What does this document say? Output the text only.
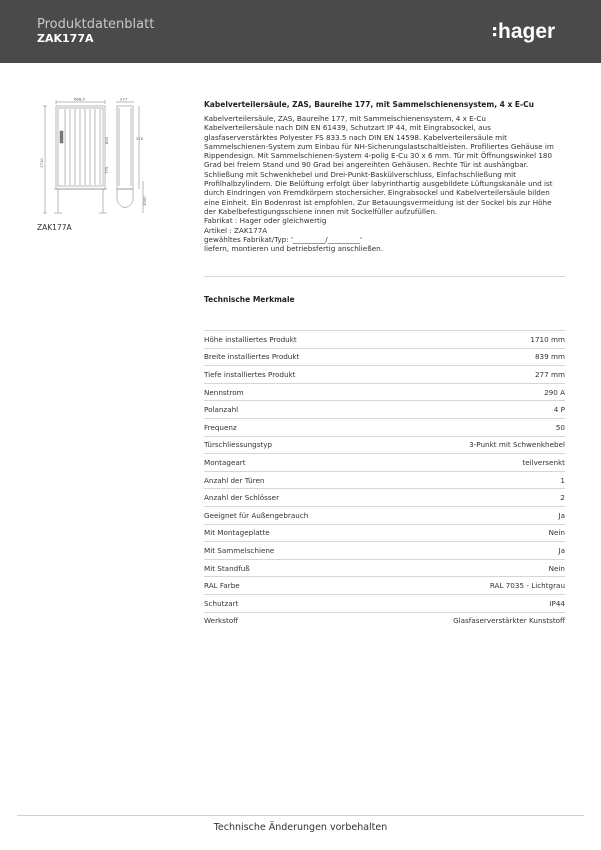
Produktdatenblatt
ZAK177A	hager
668,5	277
1710
600	270
775
1000
ZAK177A
Kabelverteilersäule, ZAS, Baureihe 177, mit Sammelschienensystem, 4 x E-Cu
Kabelverteilersäule, ZAS, Baureihe 177, mit Sammelschienensystem, 4 x E-Cu
Kabelverteilersäule nach DIN EN 61439, Schutzart IP 44, mit Eingrabsockel, aus
glasfaserverstärktes Polyester FS 833.5 nach DIN EN 14598. Kabelverteilersäule mit
Sammelschienen-System zum Einbau für NH-Sicherungslastschaltleisten. Profiliertes Gehäuse im
Rippendesign. Mit Sammelschienen-System 4-polig E-Cu 30 x 6 mm. Tür mit Öffnungswinkel 180
Grad bei freiem Stand und 90 Grad bei angereihten Gehäusen. Rechte Tür ist aushängbar.
Schließung mit Schwenkhebel und Drei-Punkt-Baskülverschluss, Einfachschließung mit
Profilhalbzylindern. Die Belüftung erfolgt über labyrinthartig ausgebildete Lüftungskanäle und ist
durch Eindringen von Fremdkörpern stochersicher. Eingrabsockel und Kabelverteilersäule bilden
eine Einheit. Ein Bodenrost ist empfohlen. Zur Betauungsvermeidung ist der Sockel bis zur Höhe
der Kabelbefestigungsschiene innen mit Sockelfüller aufzufüllen.
Fabrikat : Hager oder gleichwertig
Artikel : ZAK177A
gewähltes Fabrikat/Typ: '_________/_________'
liefern, montieren und betriebsfertig anschließen.
Technische Merkmale
Höhe installiertes Produkt	1710 mm
Breite installiertes Produkt	839 mm
Tiefe installiertes Produkt	277 mm
Nennstrom	290 A
Polanzahl	4 P
Frequenz	50
Türschliessungstyp	3-Punkt mit Schwenkhebel
Montageart	teilversenkt
Anzahl der Türen	1
Anzahl der Schlösser	2
Geeignet für Außengebrauch	Ja
Mit Montageplatte	Nein
Mit Sammelschiene	Ja
Mit Standfuß	Nein
RAL Farbe	RAL 7035 - Lichtgrau
Schutzart	IP44
Werkstoff	Glasfaserverstärkter Kunststoff
Technische Änderungen vorbehalten
